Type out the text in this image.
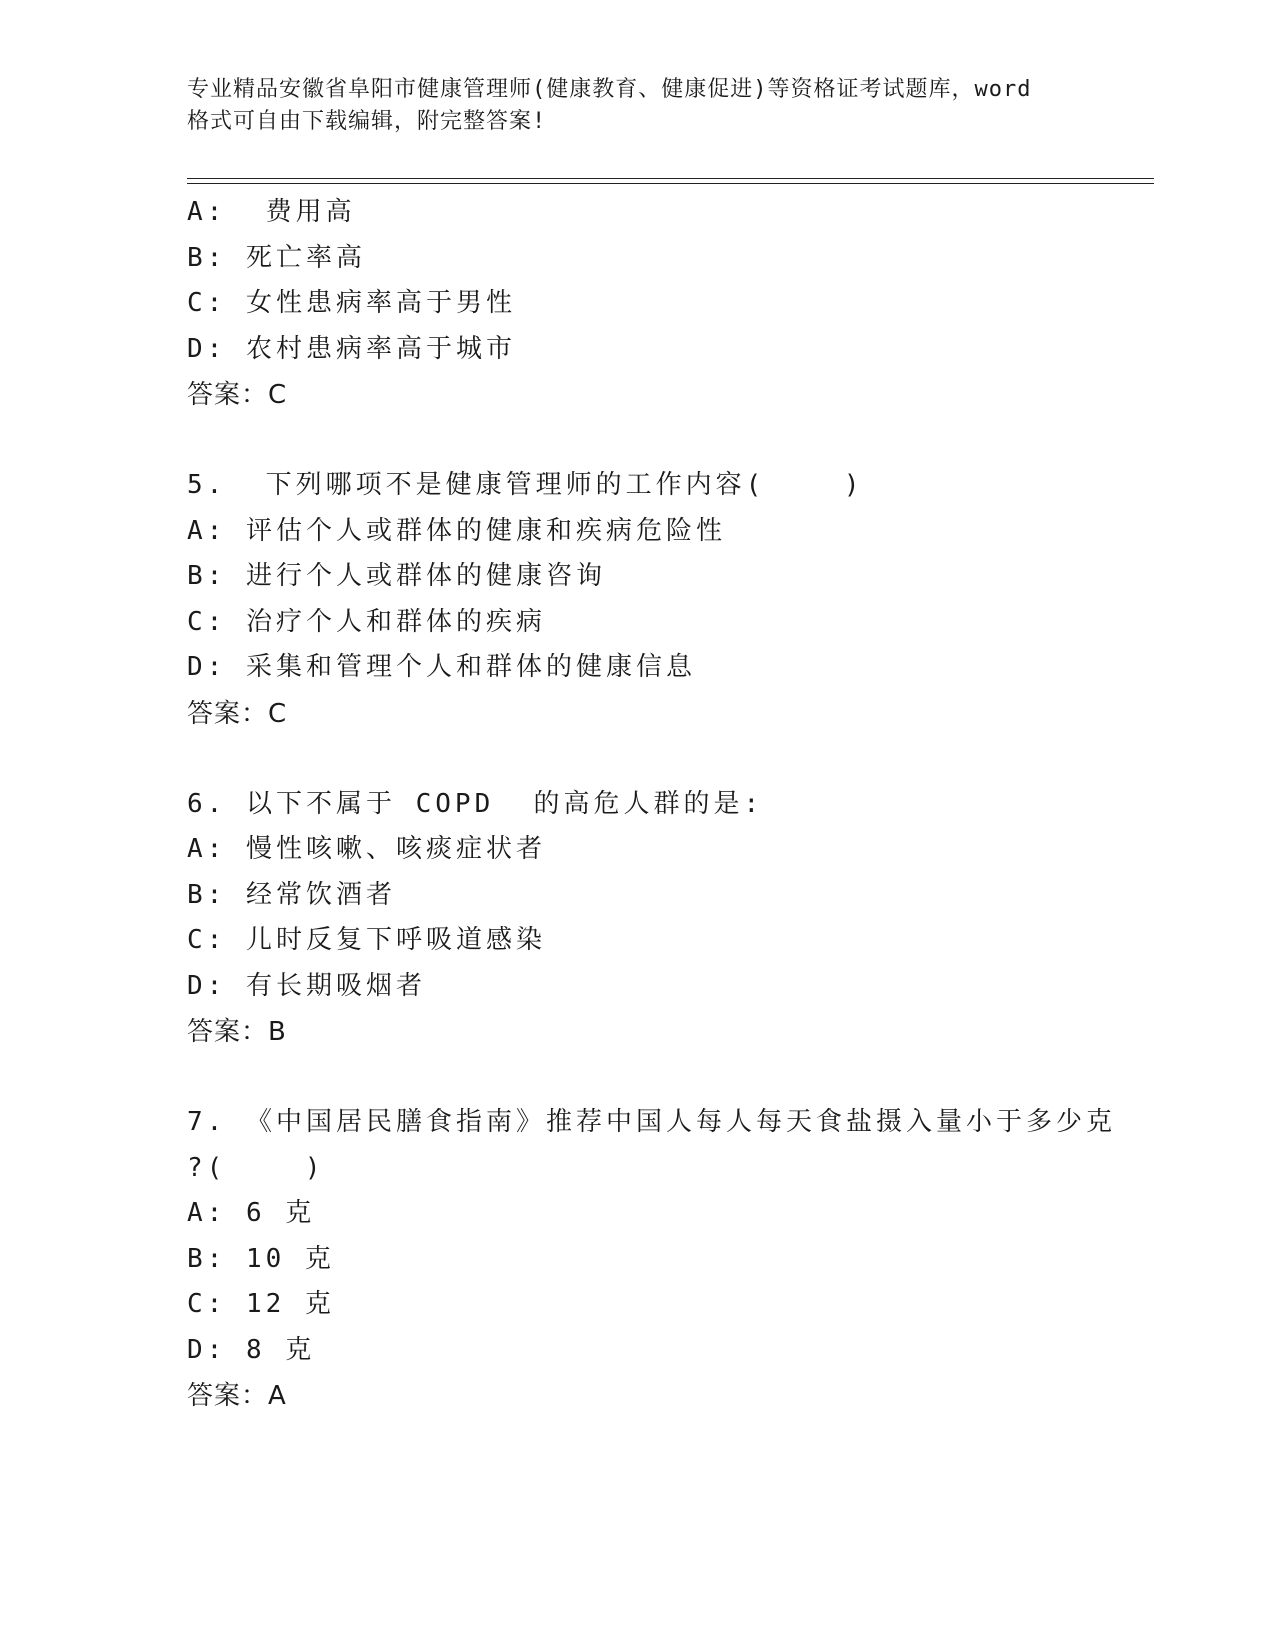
专业精品安徽省阜阳市健康管理师(健康教育、健康促进)等资格证考试题库，word
格式可自由下载编辑，附完整答案!
A:  费用高
B: 死亡率高
C: 女性患病率高于男性
D: 农村患病率高于城市
答案：C
5.  下列哪项不是健康管理师的工作内容(    )
A: 评估个人或群体的健康和疾病危险性
B: 进行个人或群体的健康咨询
C: 治疗个人和群体的疾病
D: 采集和管理个人和群体的健康信息
答案：C
6. 以下不属于 COPD  的高危人群的是:
A: 慢性咳嗽、咳痰症状者
B: 经常饮酒者
C: 儿时反复下呼吸道感染
D: 有长期吸烟者
答案：B
7. 《中国居民膳食指南》推荐中国人每人每天食盐摄入量小于多少克
?(    )
A: 6 克
B: 10 克
C: 12 克
D: 8 克
答案：A
